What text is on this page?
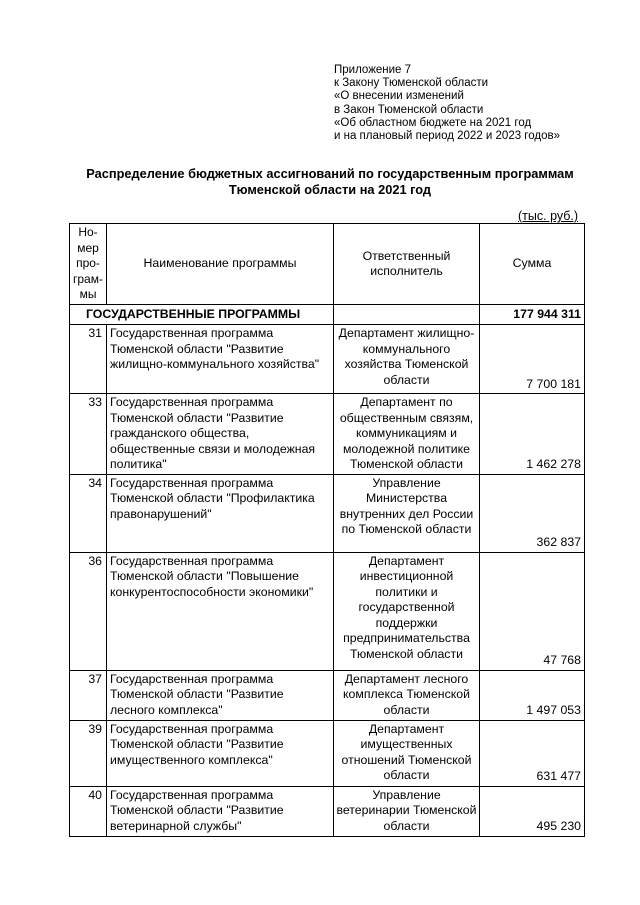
Приложение 7
к Закону Тюменской области
«О внесении изменений
в Закон Тюменской области
«Об областном бюджете на 2021 год
и на плановый период 2022 и 2023 годов»
Распределение бюджетных ассигнований по государственным программам
Тюменской области на 2021 год
(тыс. руб.)
Но-
мер
про-
грам-
мы	Наименование программы	Ответственный исполнитель	Сумма
ГОСУДАРСТВЕННЫЕ ПРОГРАММЫ			177 944 311
31	Государственная программа Тюменской области "Развитие жилищно-коммунального хозяйства"	Департамент жилищно-коммунального хозяйства Тюменской области	7 700 181
33	Государственная программа Тюменской области "Развитие гражданского общества, общественные связи и молодежная политика"	Департамент по общественным связям, коммуникациям и молодежной политике Тюменской области	1 462 278
34	Государственная программа Тюменской области "Профилактика правонарушений"	Управление Министерства внутренних дел России по Тюменской области	362 837
36	Государственная программа Тюменской области "Повышение конкурентоспособности экономики"	Департамент инвестиционной политики и государственной поддержки предпринимательства Тюменской области	47 768
37	Государственная программа Тюменской области "Развитие лесного комплекса"	Департамент лесного комплекса Тюменской области	1 497 053
39	Государственная программа Тюменской области "Развитие имущественного комплекса"	Департамент имущественных отношений Тюменской области	631 477
40	Государственная программа Тюменской области "Развитие ветеринарной службы"	Управление ветеринарии Тюменской области	495 230
